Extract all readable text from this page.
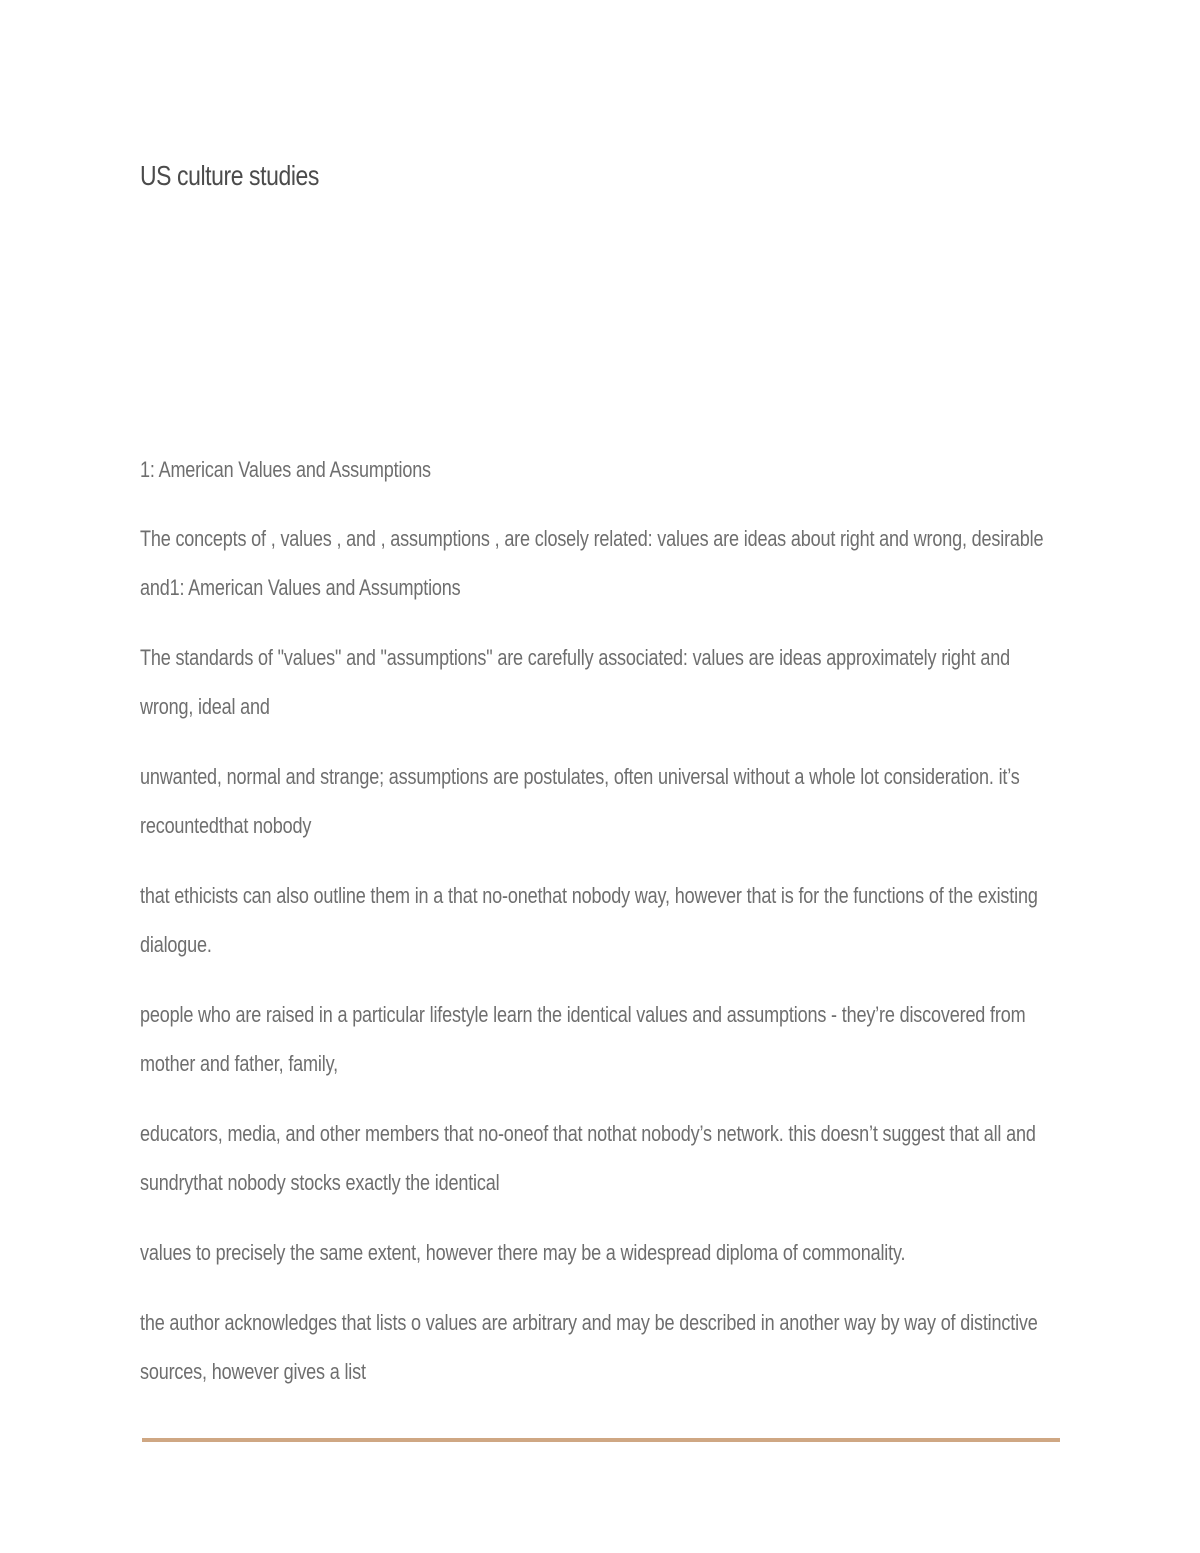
US culture studies

1: American Values and Assumptions

The concepts of , values , and , assumptions , are closely related: values are ideas about right and wrong, desirable and1: American Values and Assumptions

The standards of "values" and "assumptions" are carefully associated: values are ideas approximately right and wrong, ideal and

unwanted, normal and strange; assumptions are postulates, often universal without a whole lot consideration. it’s recountedthat nobody

that ethicists can also outline them in a that no-onethat nobody way, however that is for the functions of the existing dialogue.

people who are raised in a particular lifestyle learn the identical values and assumptions - they’re discovered from mother and father, family,

educators, media, and other members that no-oneof that nothat nobody’s network. this doesn’t suggest that all and sundrythat nobody stocks exactly the identical

values to precisely the same extent, however there may be a widespread diploma of commonality.

the author acknowledges that lists o values are arbitrary and may be described in another way by way of distinctive sources, however gives a list
